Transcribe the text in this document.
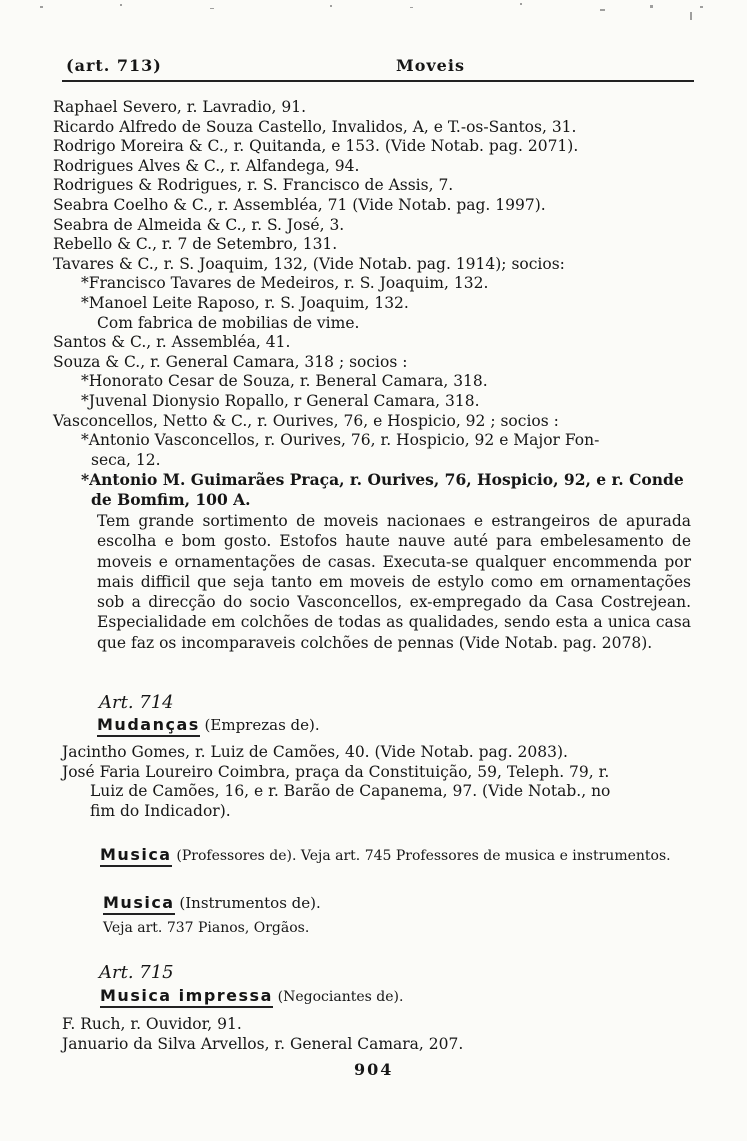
(art. 713)	Moveis
Raphael Severo, r. Lavradio, 91.
Ricardo Alfredo de Souza Castello, Invalidos, A, e T.-os-Santos, 31.
Rodrigo Moreira & C., r. Quitanda, e 153. (Vide Notab. pag. 2071).
Rodrigues Alves & C., r. Alfandega, 94.
Rodrigues & Rodrigues, r. S. Francisco de Assis, 7.
Seabra Coelho & C., r. Assembléa, 71 (Vide Notab. pag. 1997).
Seabra de Almeida & C., r. S. José, 3.
Rebello & C., r. 7 de Setembro, 131.
Tavares & C., r. S. Joaquim, 132, (Vide Notab. pag. 1914); socios:
*Francisco Tavares de Medeiros, r. S. Joaquim, 132.
*Manoel Leite Raposo, r. S. Joaquim, 132.
Com fabrica de mobilias de vime.
Santos & C., r. Assembléa, 41.
Souza & C., r. General Camara, 318 ; socios :
*Honorato Cesar de Souza, r. Beneral Camara, 318.
*Juvenal Dionysio Ropallo, r General Camara, 318.
Vasconcellos, Netto & C., r. Ourives, 76, e Hospicio, 92 ; socios :
*Antonio Vasconcellos, r. Ourives, 76, r. Hospicio, 92 e Major Fon-
seca, 12.
*Antonio M. Guimarães Praça, r. Ourives, 76, Hospicio, 92, e r. Conde
de Bomfim, 100 A.
Tem grande sortimento de moveis nacionaes e estrangeiros de apurada escolha e bom gosto. Estofos haute nauve auté para embelesamento de moveis e ornamentações de casas. Executa-se qualquer encommenda por mais difficil que seja tanto em moveis de estylo como em ornamentações sob a direcção do socio Vasconcellos, ex-empregado da Casa Costrejean. Especialidade em colchões de todas as qualidades, sendo esta a unica casa que faz os incomparaveis colchões de pennas (Vide Notab. pag. 2078).
Art. 714
Mudanças (Emprezas de).
Jacintho Gomes, r. Luiz de Camões, 40. (Vide Notab. pag. 2083).
José Faria Loureiro Coimbra, praça da Constituição, 59, Teleph. 79, r.
Luiz de Camões, 16, e r. Barão de Capanema, 97. (Vide Notab., no
fim do Indicador).
Musica (Professores de). Veja art. 745 Professores de musica e instrumentos.
Musica (Instrumentos de).
Veja art. 737 Pianos, Orgãos.
Art. 715
Musica impressa (Negociantes de).
F. Ruch, r. Ouvidor, 91.
Januario da Silva Arvellos, r. General Camara, 207.
904
